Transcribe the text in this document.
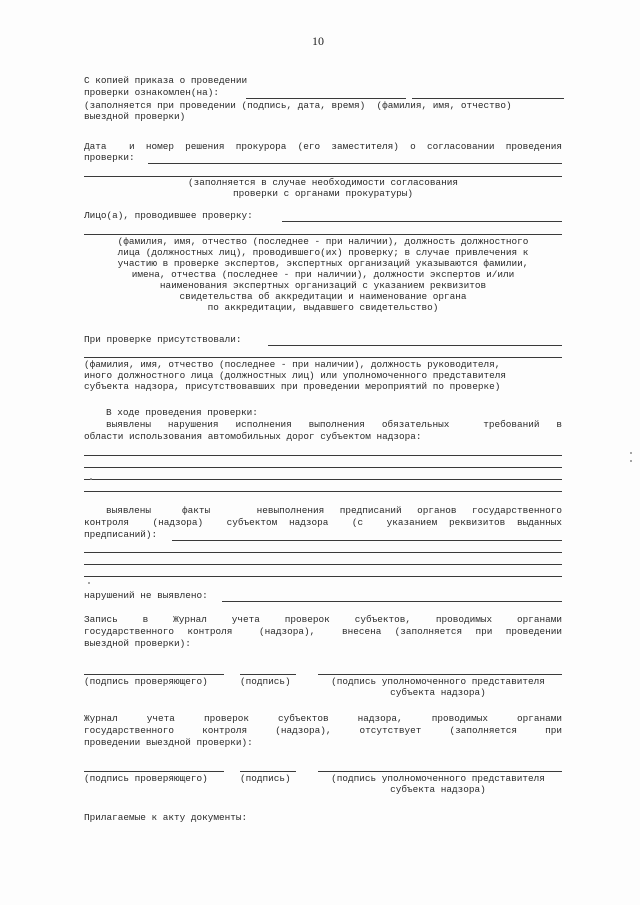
10
С копией приказа о проведении
проверки ознакомлен(на):
(заполняется при проведении (подпись, дата, время)  (фамилия, имя, отчество)
выездной проверки)
Дата  и номер решения прокурора (его заместителя) о согласовании проведения
проверки:
(заполняется в случае необходимости согласования
проверки с органами прокуратуры)
Лицо(а), проводившее проверку:
(фамилия, имя, отчество (последнее - при наличии), должность должностного
лица (должностных лиц), проводившего(их) проверку; в случае привлечения к
участию в проверке экспертов, экспертных организаций указываются фамилии,
имена, отчества (последнее - при наличии), должности экспертов и/или
наименования экспертных организаций с указанием реквизитов
свидетельства об аккредитации и наименование органа
по аккредитации, выдавшего свидетельство)
При проверке присутствовали:
(фамилия, имя, отчество (последнее - при наличии), должность руководителя,
иного должностного лица (должностных лиц) или уполномоченного представителя
субъекта надзора, присутствовавших при проведении мероприятий по проверке)
В ходе проведения проверки:
выявлены нарушения исполнения выполнения обязательных  требований в
области использования автомобильных дорог субъектом надзора:
выявлены  факты   невыполнения предписаний органов государственного
контроля  (надзора)  субъектом надзора  (с  указанием реквизитов выданных
предписаний):
нарушений не выявлено:
Запись   в   Журнал   учета   проверок   субъектов,   проводимых   органами
государственного контроля  (надзора),  внесена (заполняется при проведении
выездной проверки):
(подпись проверяющего)	(подпись)	(подпись уполномоченного представителя
субъекта надзора)
Журнал    учета    проверок    субъектов    надзора,    проводимых    органами
государственного    контроля    (надзора),    отсутствует    (заполняется    при
проведении выездной проверки):
(подпись проверяющего)	(подпись)	(подпись уполномоченного представителя
субъекта надзора)
Прилагаемые к акту документы:
